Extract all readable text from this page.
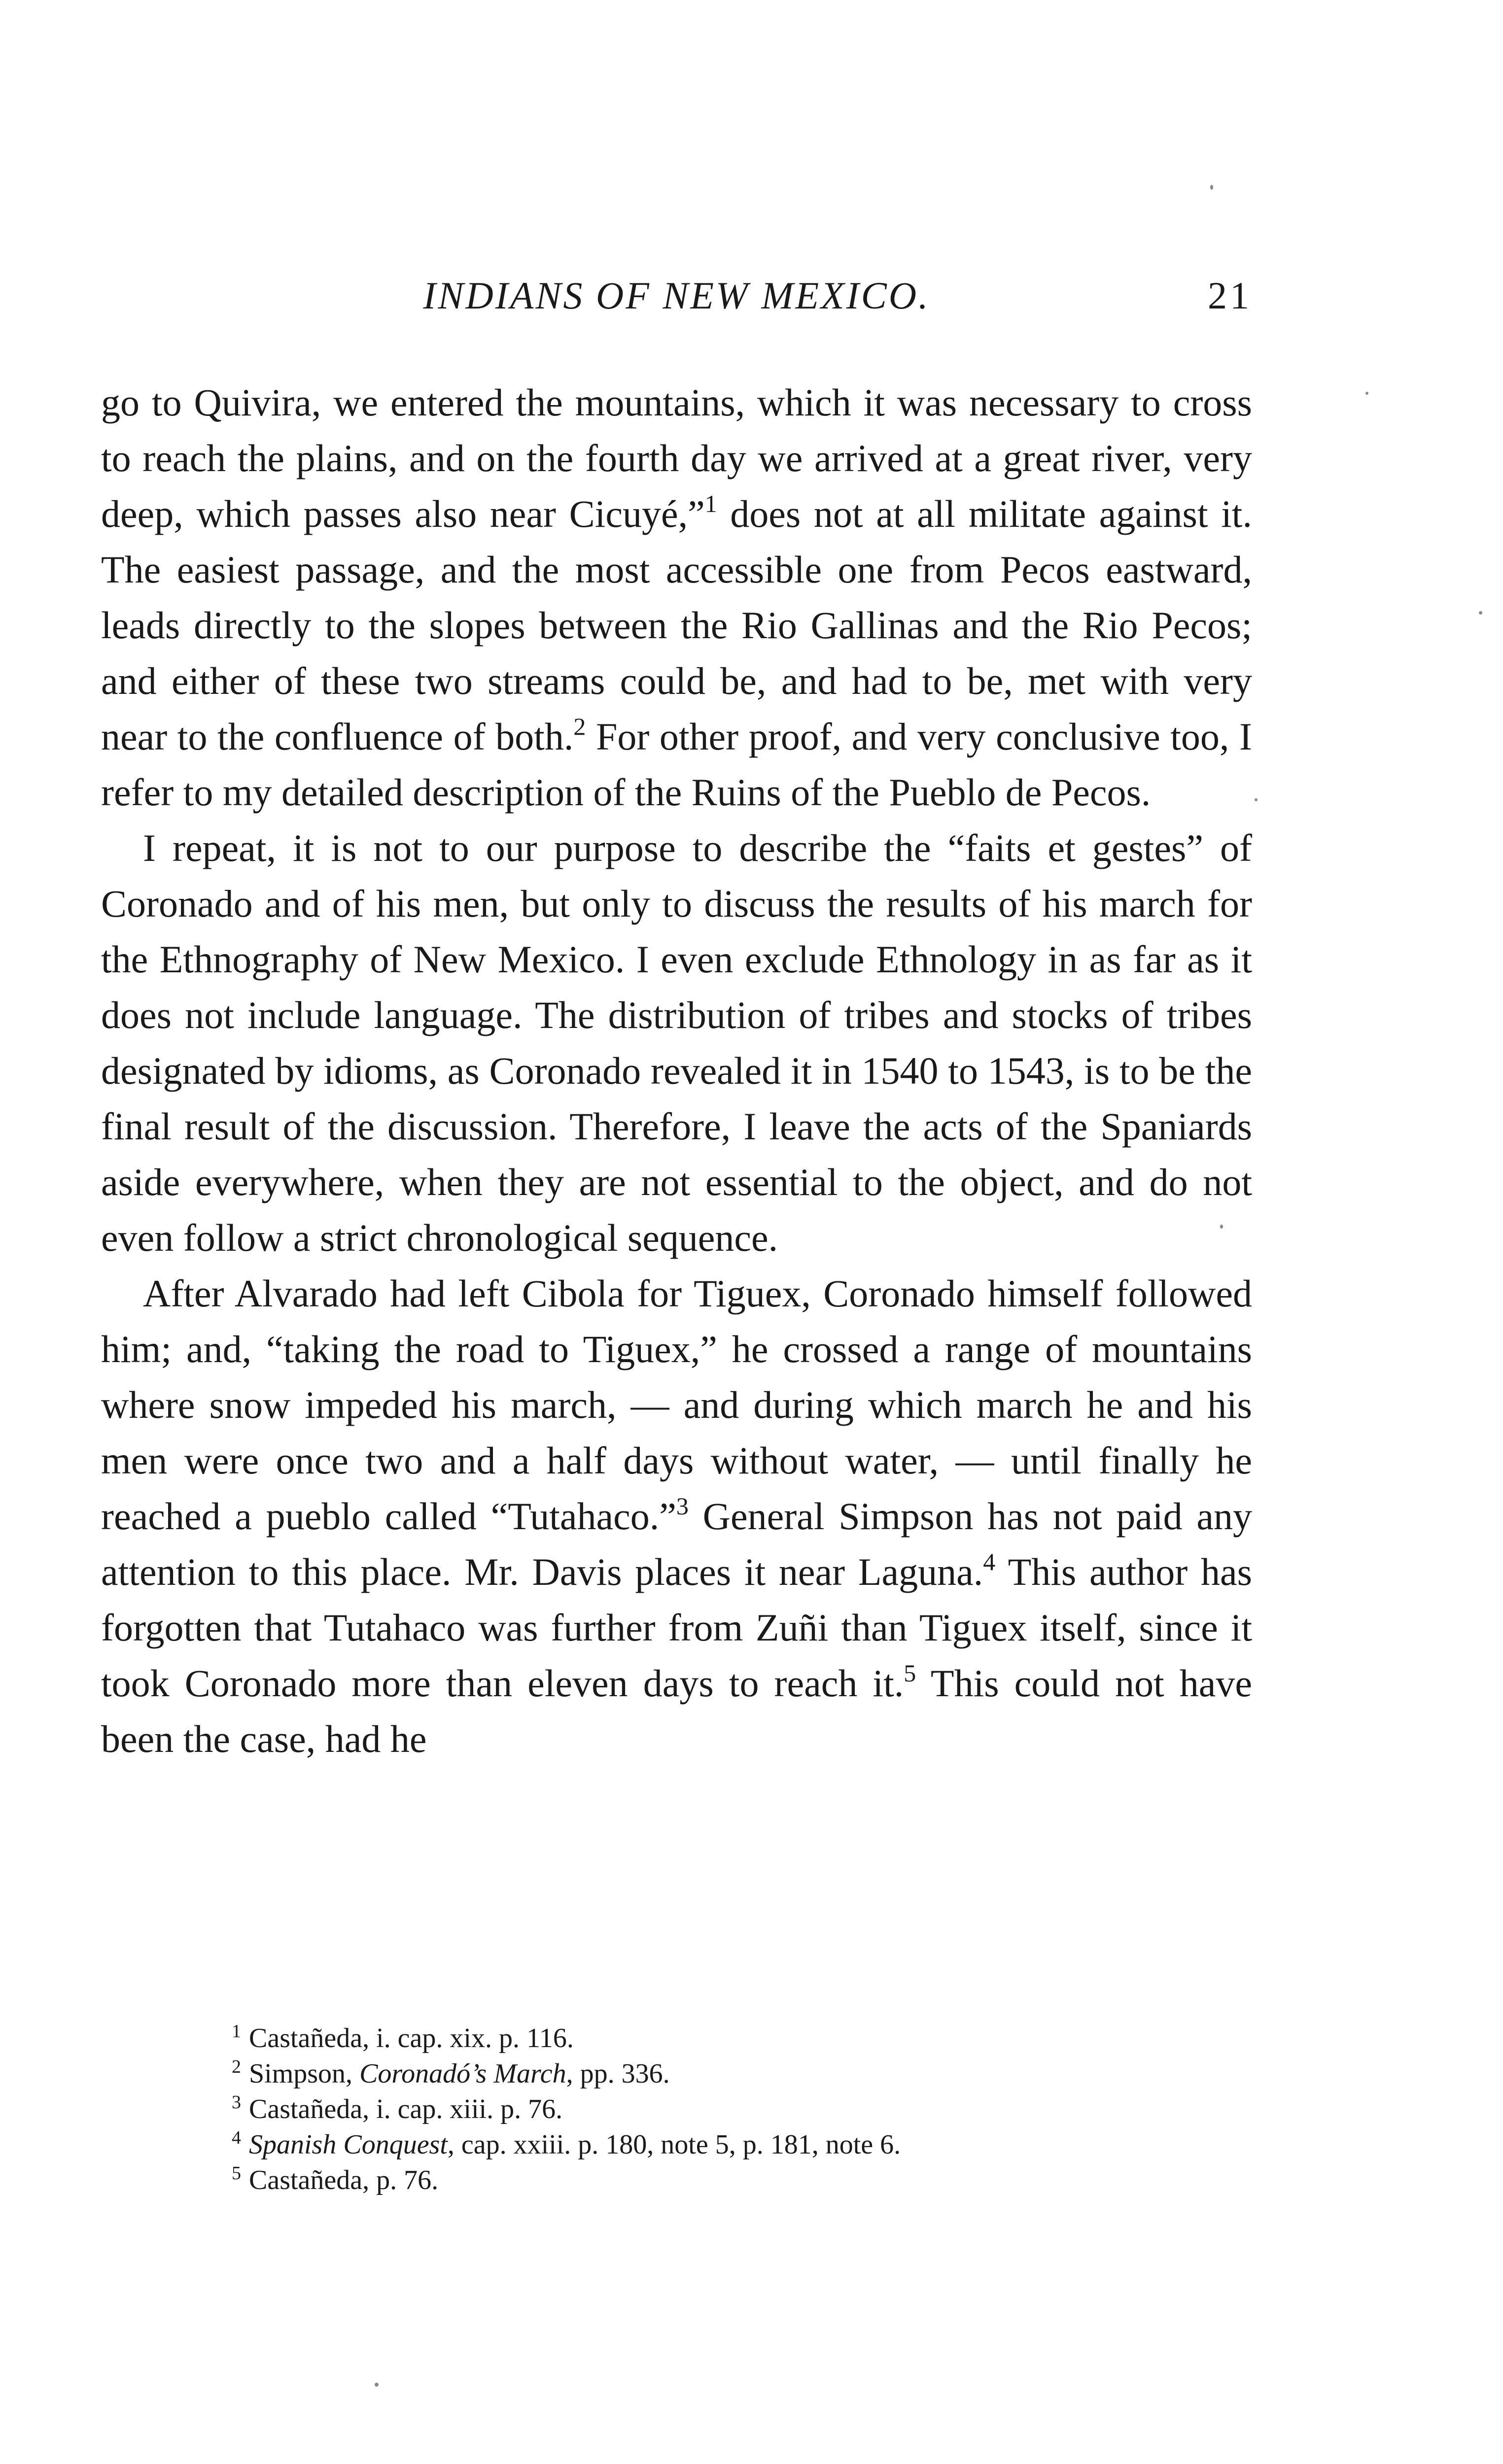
INDIANS OF NEW MEXICO.	21

go to Quivira, we entered the mountains, which it was necessary to cross to reach the plains, and on the fourth day we arrived at a great river, very deep, which passes also near Cicuyé,”$^1$ does not at all militate against it. The easiest passage, and the most accessible one from Pecos eastward, leads directly to the slopes between the Rio Gallinas and the Rio Pecos; and either of these two streams could be, and had to be, met with very near to the confluence of both.$^2$ For other proof, and very conclusive too, I refer to my detailed description of the Ruins of the Pueblo de Pecos.

I repeat, it is not to our purpose to describe the “faits et gestes” of Coronado and of his men, but only to discuss the results of his march for the Ethnography of New Mexico. I even exclude Ethnology in as far as it does not include language. The distribution of tribes and stocks of tribes designated by idioms, as Coronado revealed it in 1540 to 1543, is to be the final result of the discussion. Therefore, I leave the acts of the Spaniards aside everywhere, when they are not essential to the object, and do not even follow a strict chronological sequence.

After Alvarado had left Cibola for Tiguex, Coronado himself followed him; and, “taking the road to Tiguex,” he crossed a range of mountains where snow impeded his march, — and during which march he and his men were once two and a half days without water, — until finally he reached a pueblo called “Tutahaco.”$^3$ General Simpson has not paid any attention to this place. Mr. Davis places it near Laguna.$^4$ This author has forgotten that Tutahaco was further from Zuñi than Tiguex itself, since it took Coronado more than eleven days to reach it.$^5$ This could not have been the case, had he

$^1$ Castañeda, i. cap. xix. p. 116.
$^2$ Simpson, Coronadó’s March, pp. 336.
$^3$ Castañeda, i. cap. xiii. p. 76.
$^4$ Spanish Conquest, cap. xxiii. p. 180, note 5, p. 181, note 6.
$^5$ Castañeda, p. 76.
